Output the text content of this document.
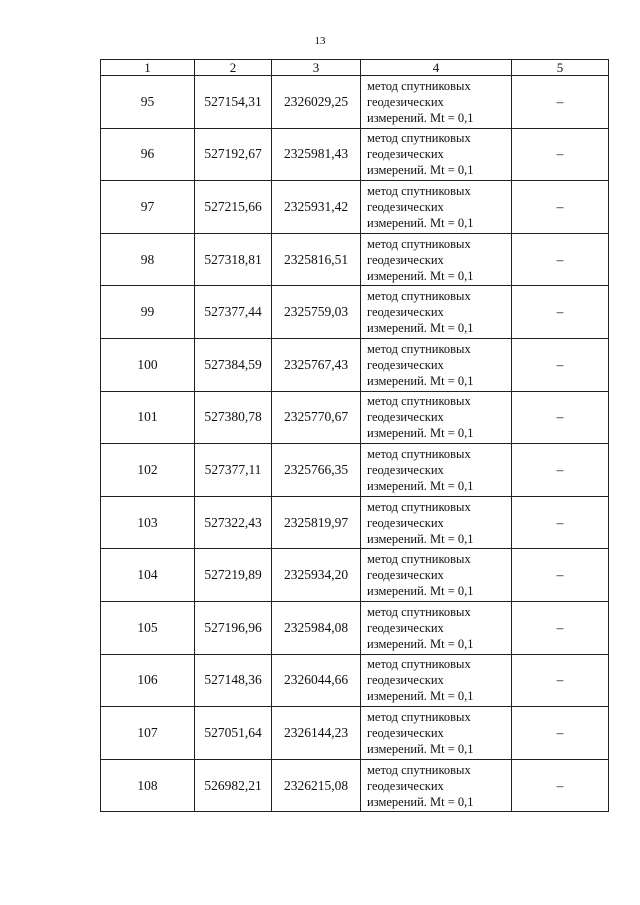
13
1	2	3	4	5
95	527154,31	2326029,25	метод спутниковых
геодезических
измерений. Mt = 0,1	–
96	527192,67	2325981,43	метод спутниковых
геодезических
измерений. Mt = 0,1	–
97	527215,66	2325931,42	метод спутниковых
геодезических
измерений. Mt = 0,1	–
98	527318,81	2325816,51	метод спутниковых
геодезических
измерений. Mt = 0,1	–
99	527377,44	2325759,03	метод спутниковых
геодезических
измерений. Mt = 0,1	–
100	527384,59	2325767,43	метод спутниковых
геодезических
измерений. Mt = 0,1	–
101	527380,78	2325770,67	метод спутниковых
геодезических
измерений. Mt = 0,1	–
102	527377,11	2325766,35	метод спутниковых
геодезических
измерений. Mt = 0,1	–
103	527322,43	2325819,97	метод спутниковых
геодезических
измерений. Mt = 0,1	–
104	527219,89	2325934,20	метод спутниковых
геодезических
измерений. Mt = 0,1	–
105	527196,96	2325984,08	метод спутниковых
геодезических
измерений. Mt = 0,1	–
106	527148,36	2326044,66	метод спутниковых
геодезических
измерений. Mt = 0,1	–
107	527051,64	2326144,23	метод спутниковых
геодезических
измерений. Mt = 0,1	–
108	526982,21	2326215,08	метод спутниковых
геодезических
измерений. Mt = 0,1	–
